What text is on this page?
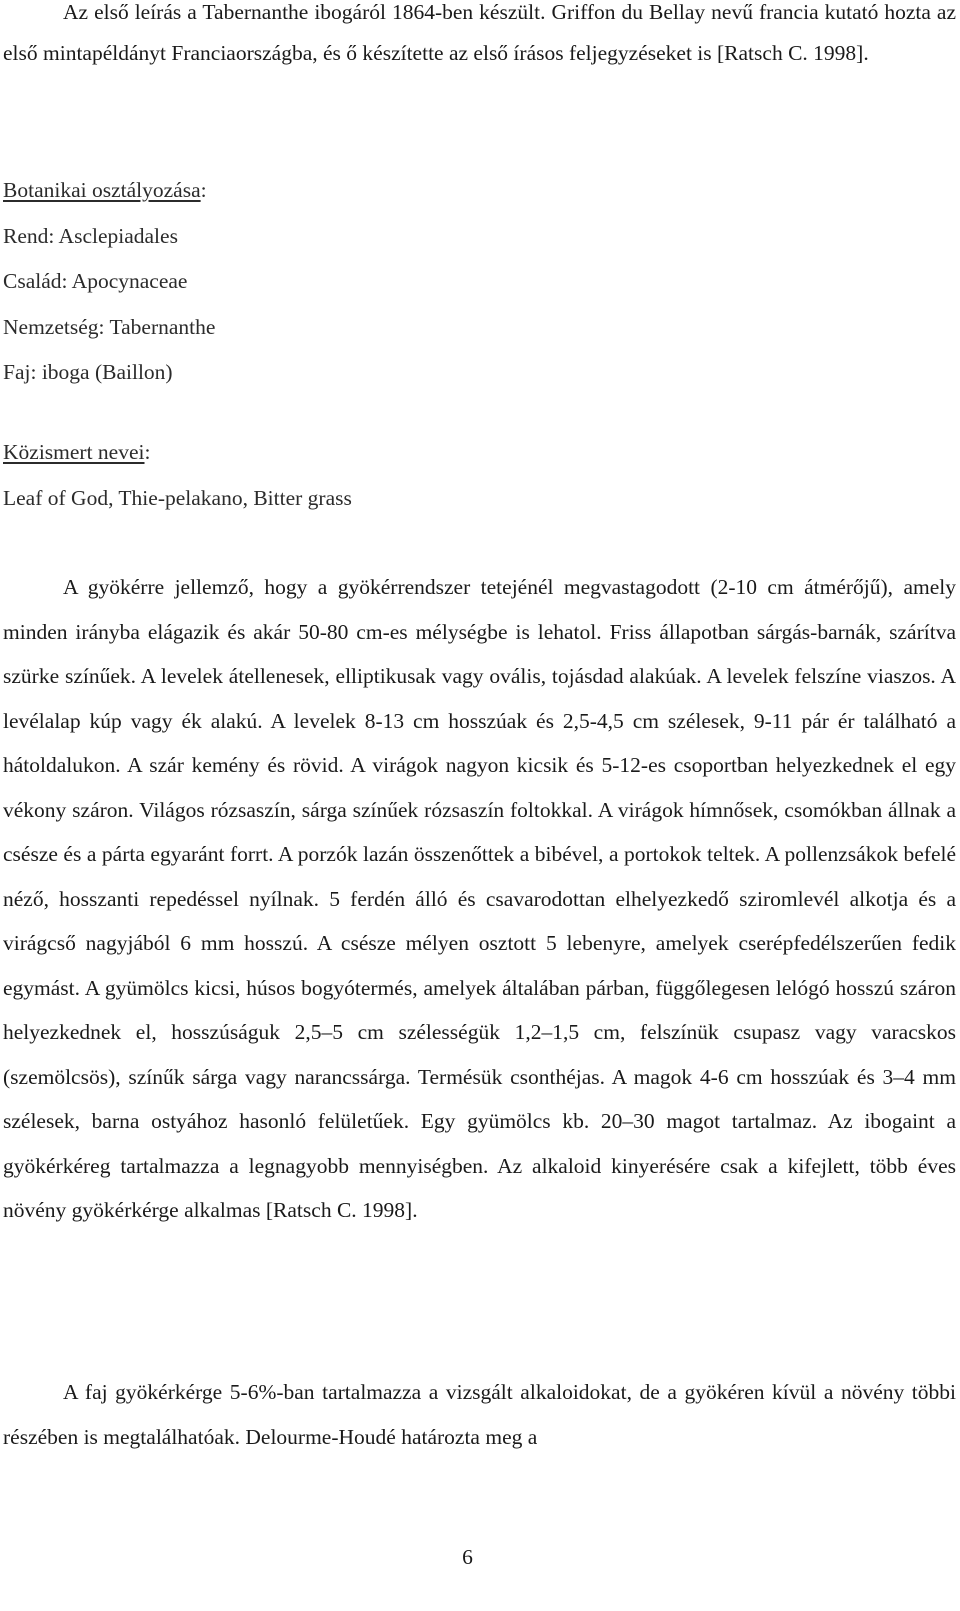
Az első leírás a Tabernanthe ibogáról 1864-ben készült. Griffon du Bellay nevű francia kutató hozta az első mintapéldányt Franciaországba, és ő készítette az első írásos feljegyzéseket is [Ratsch C. 1998].

Botanikai osztályozása:

Rend: Asclepiadales

Család: Apocynaceae

Nemzetség: Tabernanthe

Faj: iboga (Baillon)

Közismert nevei:

Leaf of God, Thie-pelakano, Bitter grass

A gyökérre jellemző, hogy a gyökérrendszer tetejénél megvastagodott (2-10 cm átmérőjű), amely minden irányba elágazik és akár 50-80 cm-es mélységbe is lehatol. Friss állapotban sárgás-barnák, szárítva szürke színűek. A levelek átellenesek, elliptikusak vagy ovális, tojásdad alakúak. A levelek felszíne viaszos. A levélalap kúp vagy ék alakú. A levelek 8-13 cm hosszúak és 2,5-4,5 cm szélesek, 9-11 pár ér található a hátoldalukon. A szár kemény és rövid. A virágok nagyon kicsik és 5-12-es csoportban helyezkednek el egy vékony száron. Világos rózsaszín, sárga színűek rózsaszín foltokkal. A virágok hímnősek, csomókban állnak a csésze és a párta egyaránt forrt. A porzók lazán összenőttek a bibével, a portokok teltek. A pollenzsákok befelé néző, hosszanti repedéssel nyílnak. 5 ferdén álló és csavarodottan elhelyezkedő sziromlevél alkotja és a virágcső nagyjából 6 mm hosszú. A csésze mélyen osztott 5 lebenyre, amelyek cserépfedélszerűen fedik egymást. A gyümölcs kicsi, húsos bogyótermés, amelyek általában párban, függőlegesen lelógó hosszú száron helyezkednek el, hosszúságuk 2,5–5 cm szélességük 1,2–1,5 cm, felszínük csupasz vagy varacskos (szemölcsös), színűk sárga vagy narancssárga. Termésük csonthéjas. A magok 4-6 cm hosszúak és 3–4 mm szélesek, barna ostyához hasonló felületűek. Egy gyümölcs kb. 20–30 magot tartalmaz. Az ibogaint a gyökérkéreg tartalmazza a legnagyobb mennyiségben. Az alkaloid kinyerésére csak a kifejlett, több éves növény gyökérkérge alkalmas [Ratsch C. 1998].

A faj gyökérkérge 5-6%-ban tartalmazza a vizsgált alkaloidokat, de a gyökéren kívül a növény többi részében is megtalálhatóak. Delourme-Houdé határozta meg a

6
